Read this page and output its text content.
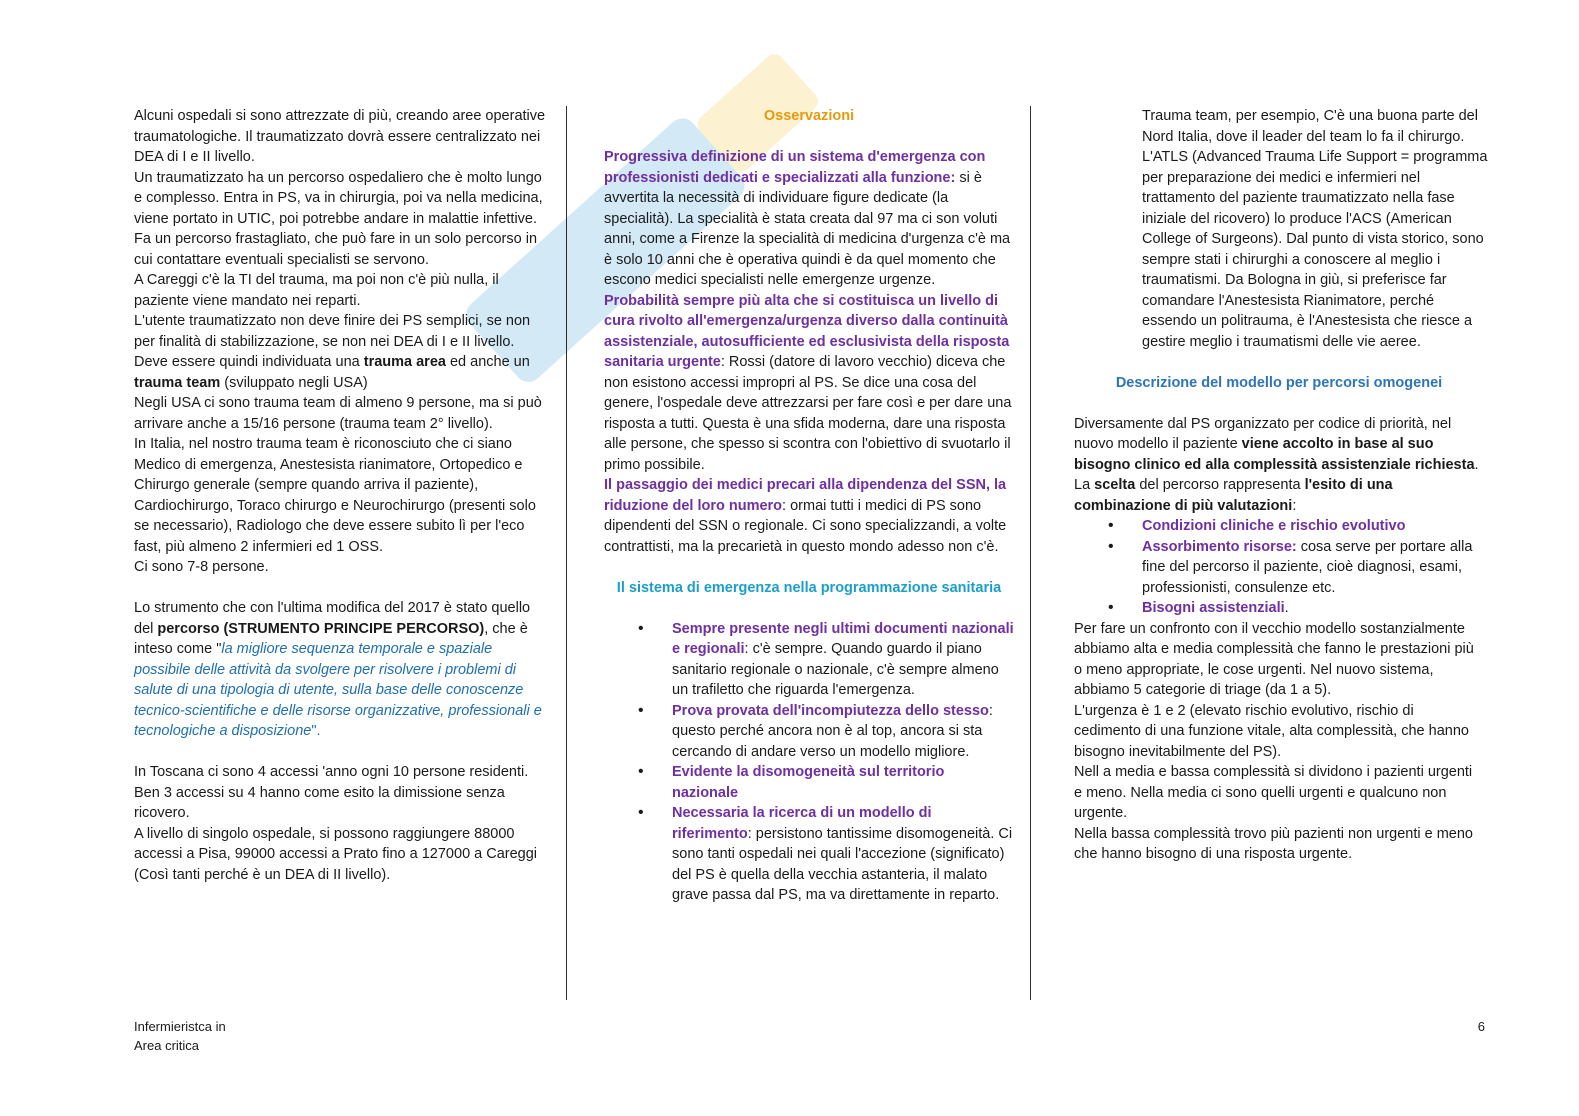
Alcuni ospedali si sono attrezzate di più, creando aree operative traumatologiche. Il traumatizzato dovrà essere centralizzato nei DEA di I e II livello.

Un traumatizzato ha un percorso ospedaliero che è molto lungo e complesso. Entra in PS, va in chirurgia, poi va nella medicina, viene portato in UTIC, poi potrebbe andare in malattie infettive.

Fa un percorso frastagliato, che può fare in un solo percorso in cui contattare eventuali specialisti se servono.

A Careggi c'è la TI del trauma, ma poi non c'è più nulla, il paziente viene mandato nei reparti.

L'utente traumatizzato non deve finire dei PS semplici, se non per finalità di stabilizzazione, se non nei DEA di I e II livello. Deve essere quindi individuata una trauma area ed anche un trauma team (sviluppato negli USA)

Negli USA ci sono trauma team di almeno 9 persone, ma si può arrivare anche a 15/16 persone (trauma team 2° livello).

In Italia, nel nostro trauma team è riconosciuto che ci siano Medico di emergenza, Anestesista rianimatore, Ortopedico e Chirurgo generale (sempre quando arriva il paziente), Cardiochirurgo, Toraco chirurgo e Neurochirurgo (presenti solo se necessario), Radiologo che deve essere subito lì per l'eco fast, più almeno 2 infermieri ed 1 OSS.

Ci sono 7-8 persone.

Lo strumento che con l'ultima modifica del 2017 è stato quello del percorso (STRUMENTO PRINCIPE PERCORSO), che è inteso come "la migliore sequenza temporale e spaziale possibile delle attività da svolgere per risolvere i problemi di salute di una tipologia di utente, sulla base delle conoscenze tecnico-scientifiche e delle risorse organizzative, professionali e tecnologiche a disposizione".

In Toscana ci sono 4 accessi 'anno ogni 10 persone residenti.

Ben 3 accessi su 4 hanno come esito la dimissione senza ricovero.

A livello di singolo ospedale, si possono raggiungere 88000 accessi a Pisa, 99000 accessi a Prato fino a 127000 a Careggi (Così tanti perché è un DEA di II livello).

Osservazioni

Progressiva definizione di un sistema d'emergenza con professionisti dedicati e specializzati alla funzione: si è avvertita la necessità di individuare figure dedicate (la specialità). La specialità è stata creata dal 97 ma ci son voluti anni, come a Firenze la specialità di medicina d'urgenza c'è ma è solo 10 anni che è operativa quindi è da quel momento che escono medici specialisti nelle emergenze urgenze.

Probabilità sempre più alta che si costituisca un livello di cura rivolto all'emergenza/urgenza diverso dalla continuità assistenziale, autosufficiente ed esclusivista della risposta sanitaria urgente: Rossi (datore di lavoro vecchio) diceva che non esistono accessi impropri al PS. Se dice una cosa del genere, l'ospedale deve attrezzarsi per fare così e per dare una risposta a tutti. Questa è una sfida moderna, dare una risposta alle persone, che spesso si scontra con l'obiettivo di svuotarlo il primo possibile.

Il passaggio dei medici precari alla dipendenza del SSN, la riduzione del loro numero: ormai tutti i medici di PS sono dipendenti del SSN o regionale. Ci sono specializzandi, a volte contrattisti, ma la precarietà in questo mondo adesso non c'è.

Il sistema di emergenza nella programmazione sanitaria

• Sempre presente negli ultimi documenti nazionali e regionali: c'è sempre. Quando guardo il piano sanitario regionale o nazionale, c'è sempre almeno un trafiletto che riguarda l'emergenza.
• Prova provata dell'incompiutezza dello stesso: questo perché ancora non è al top, ancora si sta cercando di andare verso un modello migliore.
• Evidente la disomogeneità sul territorio nazionale
• Necessaria la ricerca di un modello di riferimento: persistono tantissime disomogeneità. Ci sono tanti ospedali nei quali l'accezione (significato) del PS è quella della vecchia astanteria, il malato grave passa dal PS, ma va direttamente in reparto.

Trauma team, per esempio, C'è una buona parte del Nord Italia, dove il leader del team lo fa il chirurgo. L'ATLS (Advanced Trauma Life Support = programma per preparazione dei medici e infermieri nel trattamento del paziente traumatizzato nella fase iniziale del ricovero) lo produce l'ACS (American College of Surgeons). Dal punto di vista storico, sono sempre stati i chirurghi a conoscere al meglio i traumatismi. Da Bologna in giù, si preferisce far comandare l'Anestesista Rianimatore, perché essendo un politrauma, è l'Anestesista che riesce a gestire meglio i traumatismi delle vie aeree.

Descrizione del modello per percorsi omogenei

Diversamente dal PS organizzato per codice di priorità, nel nuovo modello il paziente viene accolto in base al suo bisogno clinico ed alla complessità assistenziale richiesta. La scelta del percorso rappresenta l'esito di una combinazione di più valutazioni:

• Condizioni cliniche e rischio evolutivo
• Assorbimento risorse: cosa serve per portare alla fine del percorso il paziente, cioè diagnosi, esami, professionisti, consulenze etc.
• Bisogni assistenziali.

Per fare un confronto con il vecchio modello sostanzialmente abbiamo alta e media complessità che fanno le prestazioni più o meno appropriate, le cose urgenti. Nel nuovo sistema, abbiamo 5 categorie di triage (da 1 a 5).

L'urgenza è 1 e 2 (elevato rischio evolutivo, rischio di cedimento di una funzione vitale, alta complessità, che hanno bisogno inevitabilmente del PS).

Nell a media e bassa complessità si dividono i pazienti urgenti e meno. Nella media ci sono quelli urgenti e qualcuno non urgente.

Nella bassa complessità trovo più pazienti non urgenti e meno che hanno bisogno di una risposta urgente.

Infermieristca in
Area critica
6
